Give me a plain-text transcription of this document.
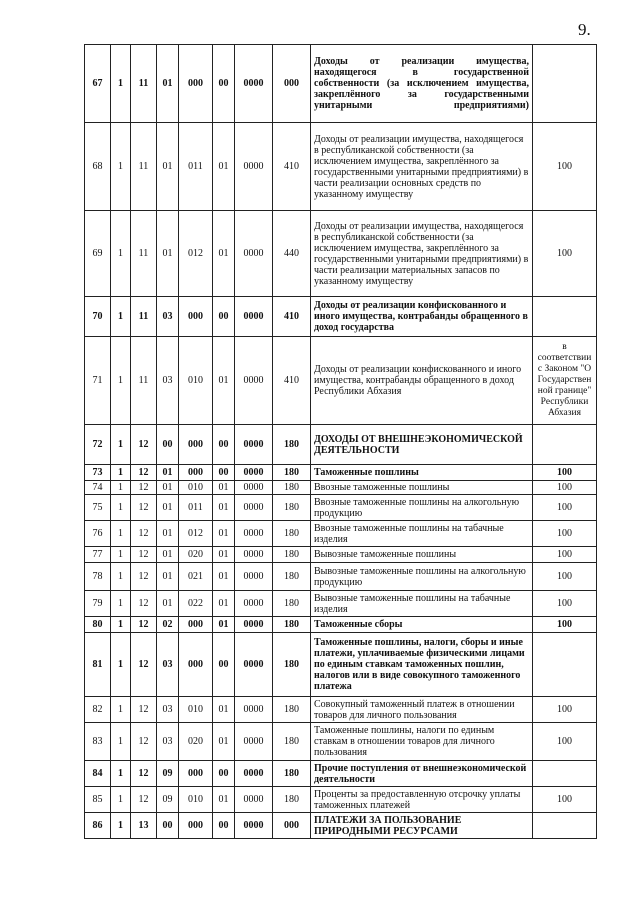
9.
67	1	11	01	000	00	0000	000	Доходы от реализации имущества, находящегося в государственной собственности (за исключением имущества, закреплённого за государственными унитарными предприятиями)	
68	1	11	01	011	01	0000	410	Доходы от реализации имущества, находящегося в республиканской собственности (за исключением имущества, закреплённого за государственными унитарными предприятиями) в части реализации основных средств по указанному имуществу	100
69	1	11	01	012	01	0000	440	Доходы от реализации имущества, находящегося в республиканской собственности (за исключением имущества, закреплённого за государственными унитарными предприятиями) в части реализации материальных запасов по указанному имуществу	100
70	1	11	03	000	00	0000	410	Доходы от реализации конфискованного и иного имущества, контрабанды обращенного в доход государства	
71	1	11	03	010	01	0000	410	Доходы от реализации конфискованного и иного имущества, контрабанды обращенного в доход Республики Абхазия	в соответствии с Законом "О Государствен ной границе" Республики Абхазия
72	1	12	00	000	00	0000	180	ДОХОДЫ ОТ ВНЕШНЕЭКОНОМИЧЕСКОЙ ДЕЯТЕЛЬНОСТИ	
73	1	12	01	000	00	0000	180	Таможенные пошлины	100
74	1	12	01	010	01	0000	180	Ввозные таможенные пошлины	100
75	1	12	01	011	01	0000	180	Ввозные таможенные пошлины на алкогольную продукцию	100
76	1	12	01	012	01	0000	180	Ввозные таможенные пошлины на табачные изделия	100
77	1	12	01	020	01	0000	180	Вывозные таможенные пошлины	100
78	1	12	01	021	01	0000	180	Вывозные таможенные пошлины на алкогольную продукцию	100
79	1	12	01	022	01	0000	180	Вывозные таможенные пошлины на табачные изделия	100
80	1	12	02	000	01	0000	180	Таможенные сборы	100
81	1	12	03	000	00	0000	180	Таможенные пошлины, налоги, сборы и иные платежи, уплачиваемые физическими лицами по единым ставкам таможенных пошлин, налогов или в виде совокупного таможенного платежа	
82	1	12	03	010	01	0000	180	Совокупный таможенный платеж в отношении товаров для личного пользования	100
83	1	12	03	020	01	0000	180	Таможенные пошлины, налоги по единым ставкам в отношении товаров для личного пользования	100
84	1	12	09	000	00	0000	180	Прочие поступления от внешнеэкономической деятельности	
85	1	12	09	010	01	0000	180	Проценты за предоставленную отсрочку уплаты таможенных платежей	100
86	1	13	00	000	00	0000	000	ПЛАТЕЖИ ЗА ПОЛЬЗОВАНИЕ ПРИРОДНЫМИ РЕСУРСАМИ	
